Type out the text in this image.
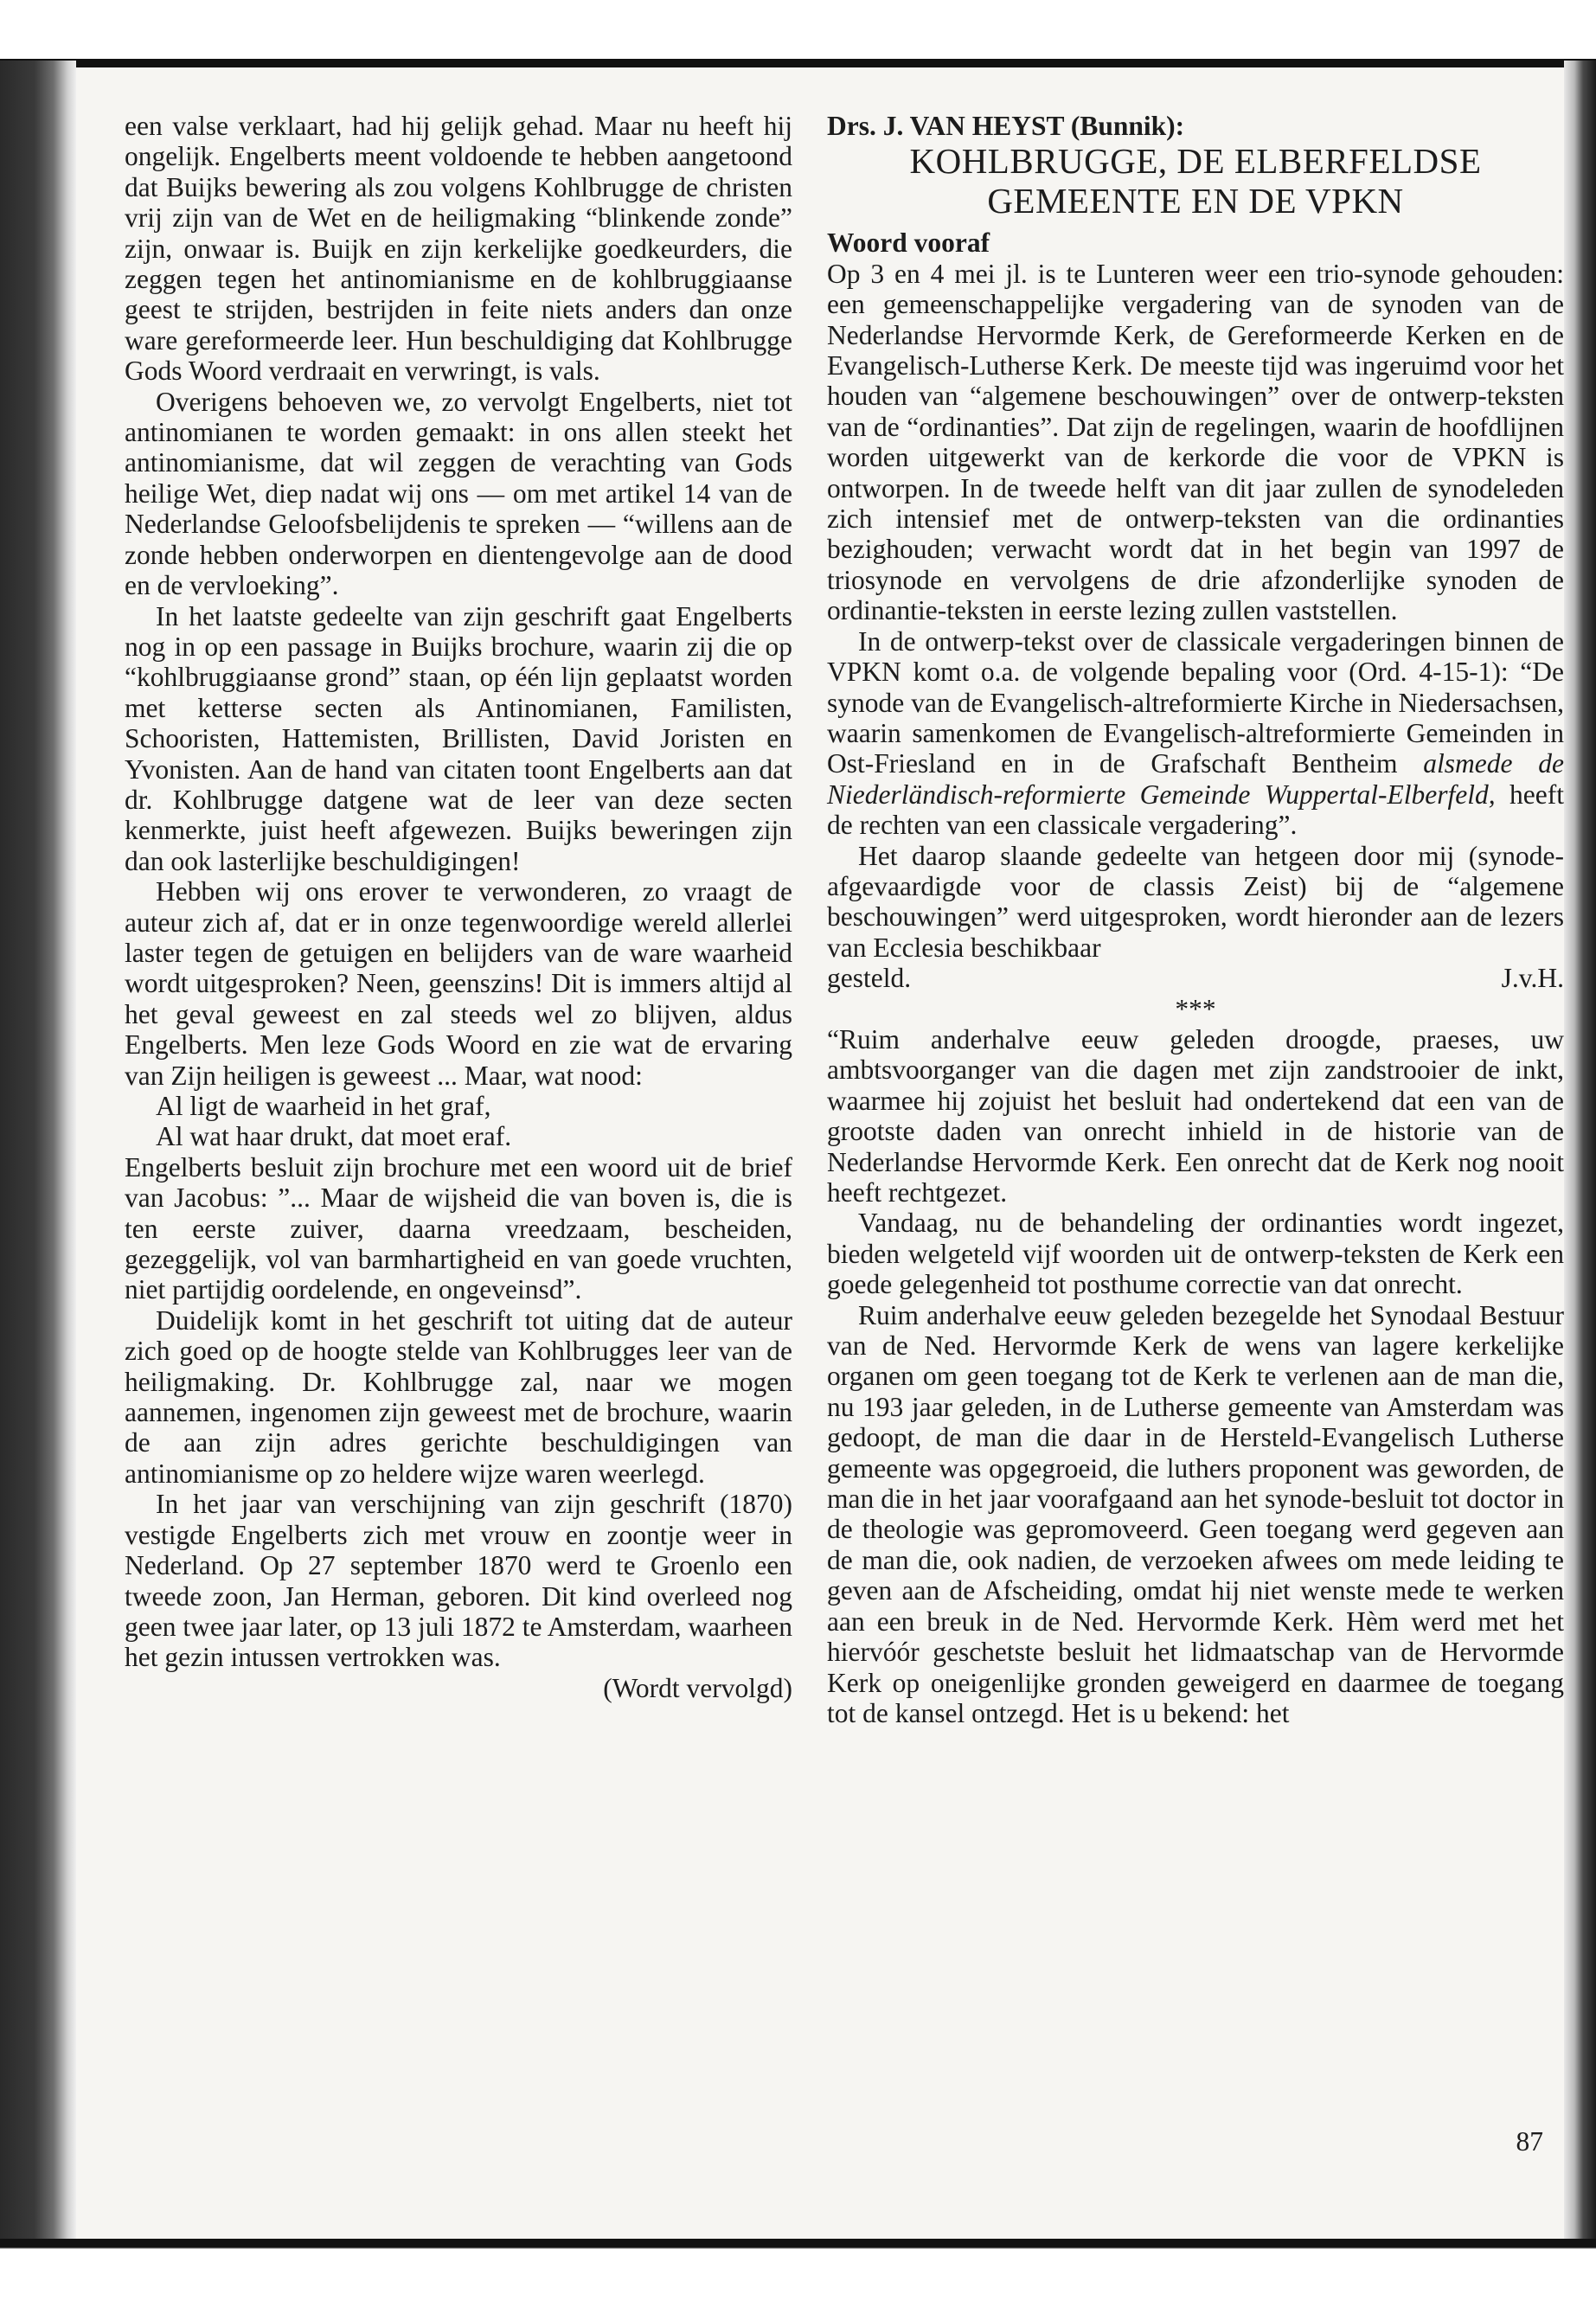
een valse verklaart, had hij gelijk gehad. Maar nu heeft hij ongelijk. Engelberts meent voldoende te hebben aangetoond dat Buijks bewering als zou volgens Kohlbrugge de christen vrij zijn van de Wet en de heiligmaking “blinkende zonde” zijn, onwaar is. Buijk en zijn kerkelijke goedkeurders, die zeggen tegen het antinomianisme en de kohlbruggiaanse geest te strijden, bestrijden in feite niets anders dan onze ware gereformeerde leer. Hun beschuldiging dat Kohlbrugge Gods Woord verdraait en verwringt, is vals.

Overigens behoeven we, zo vervolgt Engelberts, niet tot antinomianen te worden gemaakt: in ons allen steekt het antinomianisme, dat wil zeggen de verachting van Gods heilige Wet, diep nadat wij ons — om met artikel 14 van de Nederlandse Geloofsbelijdenis te spreken — “willens aan de zonde hebben onderworpen en dientengevolge aan de dood en de vervloeking”.

In het laatste gedeelte van zijn geschrift gaat Engelberts nog in op een passage in Buijks brochure, waarin zij die op “kohlbruggiaanse grond” staan, op één lijn geplaatst worden met ketterse secten als Antinomianen, Familisten, Schooristen, Hattemisten, Brillisten, David Joristen en Yvonisten. Aan de hand van citaten toont Engelberts aan dat dr. Kohlbrugge datgene wat de leer van deze secten kenmerkte, juist heeft afgewezen. Buijks beweringen zijn dan ook lasterlijke beschuldigingen!

Hebben wij ons erover te verwonderen, zo vraagt de auteur zich af, dat er in onze tegenwoordige wereld allerlei laster tegen de getuigen en belijders van de ware waarheid wordt uitgesproken? Neen, geenszins! Dit is immers altijd al het geval geweest en zal steeds wel zo blijven, aldus Engelberts. Men leze Gods Woord en zie wat de ervaring van Zijn heiligen is geweest ... Maar, wat nood:

Al ligt de waarheid in het graf,

Al wat haar drukt, dat moet eraf.

Engelberts besluit zijn brochure met een woord uit de brief van Jacobus: ”... Maar de wijsheid die van boven is, die is ten eerste zuiver, daarna vreedzaam, bescheiden, gezeggelijk, vol van barmhartigheid en van goede vruchten, niet partijdig oordelende, en ongeveinsd”.

Duidelijk komt in het geschrift tot uiting dat de auteur zich goed op de hoogte stelde van Kohlbrugges leer van de heiligmaking. Dr. Kohlbrugge zal, naar we mogen aannemen, ingenomen zijn geweest met de brochure, waarin de aan zijn adres gerichte beschuldigingen van antinomianisme op zo heldere wijze waren weerlegd.

In het jaar van verschijning van zijn geschrift (1870) vestigde Engelberts zich met vrouw en zoontje weer in Nederland. Op 27 september 1870 werd te Groenlo een tweede zoon, Jan Herman, geboren. Dit kind overleed nog geen twee jaar later, op 13 juli 1872 te Amsterdam, waarheen het gezin intussen vertrokken was.

(Wordt vervolgd)

Drs. J. VAN HEYST (Bunnik):

KOHLBRUGGE, DE ELBERFELDSE
GEMEENTE EN DE VPKN

Woord vooraf

Op 3 en 4 mei jl. is te Lunteren weer een trio-synode gehouden: een gemeenschappelijke vergadering van de synoden van de Nederlandse Hervormde Kerk, de Gereformeerde Kerken en de Evangelisch-Lutherse Kerk. De meeste tijd was ingeruimd voor het houden van “algemene beschouwingen” over de ontwerp-teksten van de “ordinanties”. Dat zijn de regelingen, waarin de hoofdlijnen worden uitgewerkt van de kerkorde die voor de VPKN is ontworpen. In de tweede helft van dit jaar zullen de synodeleden zich intensief met de ontwerp-teksten van die ordinanties bezighouden; verwacht wordt dat in het begin van 1997 de triosynode en vervolgens de drie afzonderlijke synoden de ordinantie-teksten in eerste lezing zullen vaststellen.

In de ontwerp-tekst over de classicale vergaderingen binnen de VPKN komt o.a. de volgende bepaling voor (Ord. 4-15-1): “De synode van de Evangelisch-altreformierte Kirche in Niedersachsen, waarin samenkomen de Evangelisch-altreformierte Gemeinden in Ost-Friesland en in de Grafschaft Bentheim alsmede de Niederländisch-reformierte Gemeinde Wuppertal-Elberfeld, heeft de rechten van een classicale vergadering”.

Het daarop slaande gedeelte van hetgeen door mij (synode-afgevaardigde voor de classis Zeist) bij de “algemene beschouwingen” werd uitgesproken, wordt hieronder aan de lezers van Ecclesia beschikbaar

gesteld.	J.v.H.

***

“Ruim anderhalve eeuw geleden droogde, praeses, uw ambtsvoorganger van die dagen met zijn zandstrooier de inkt, waarmee hij zojuist het besluit had ondertekend dat een van de grootste daden van onrecht inhield in de historie van de Nederlandse Hervormde Kerk. Een onrecht dat de Kerk nog nooit heeft rechtgezet.

Vandaag, nu de behandeling der ordinanties wordt ingezet, bieden welgeteld vijf woorden uit de ontwerp-teksten de Kerk een goede gelegenheid tot posthume correctie van dat onrecht.

Ruim anderhalve eeuw geleden bezegelde het Synodaal Bestuur van de Ned. Hervormde Kerk de wens van lagere kerkelijke organen om geen toegang tot de Kerk te verlenen aan de man die, nu 193 jaar geleden, in de Lutherse gemeente van Amsterdam was gedoopt, de man die daar in de Hersteld-Evangelisch Lutherse gemeente was opgegroeid, die luthers proponent was geworden, de man die in het jaar voorafgaand aan het synode-besluit tot doctor in de theologie was gepromoveerd. Geen toegang werd gegeven aan de man die, ook nadien, de verzoeken afwees om mede leiding te geven aan de Afscheiding, omdat hij niet wenste mede te werken aan een breuk in de Ned. Hervormde Kerk. Hèm werd met het hiervóór geschetste besluit het lidmaatschap van de Hervormde Kerk op oneigenlijke gronden geweigerd en daarmee de toegang tot de kansel ontzegd. Het is u bekend: het

87
